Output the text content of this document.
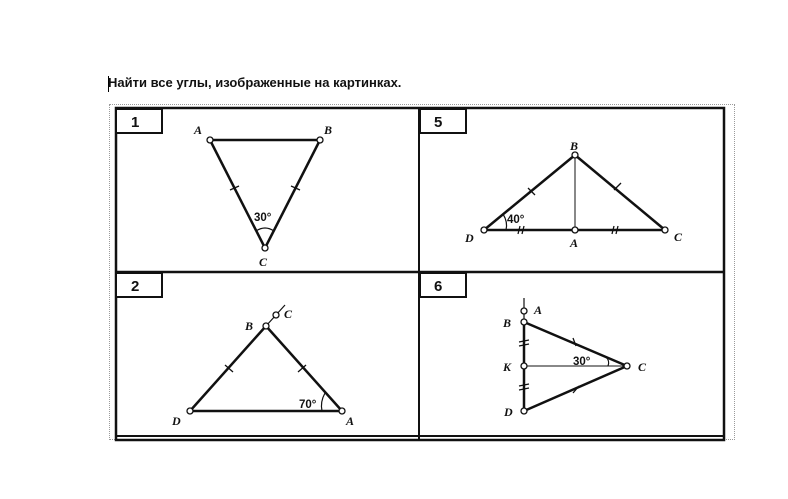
Найти все углы, изображенные на картинках.
1	5
2	6
A	B
C
30°
B
D	A	C
40°
B
C
D	A
70°
A
B
K	C
D
30°
